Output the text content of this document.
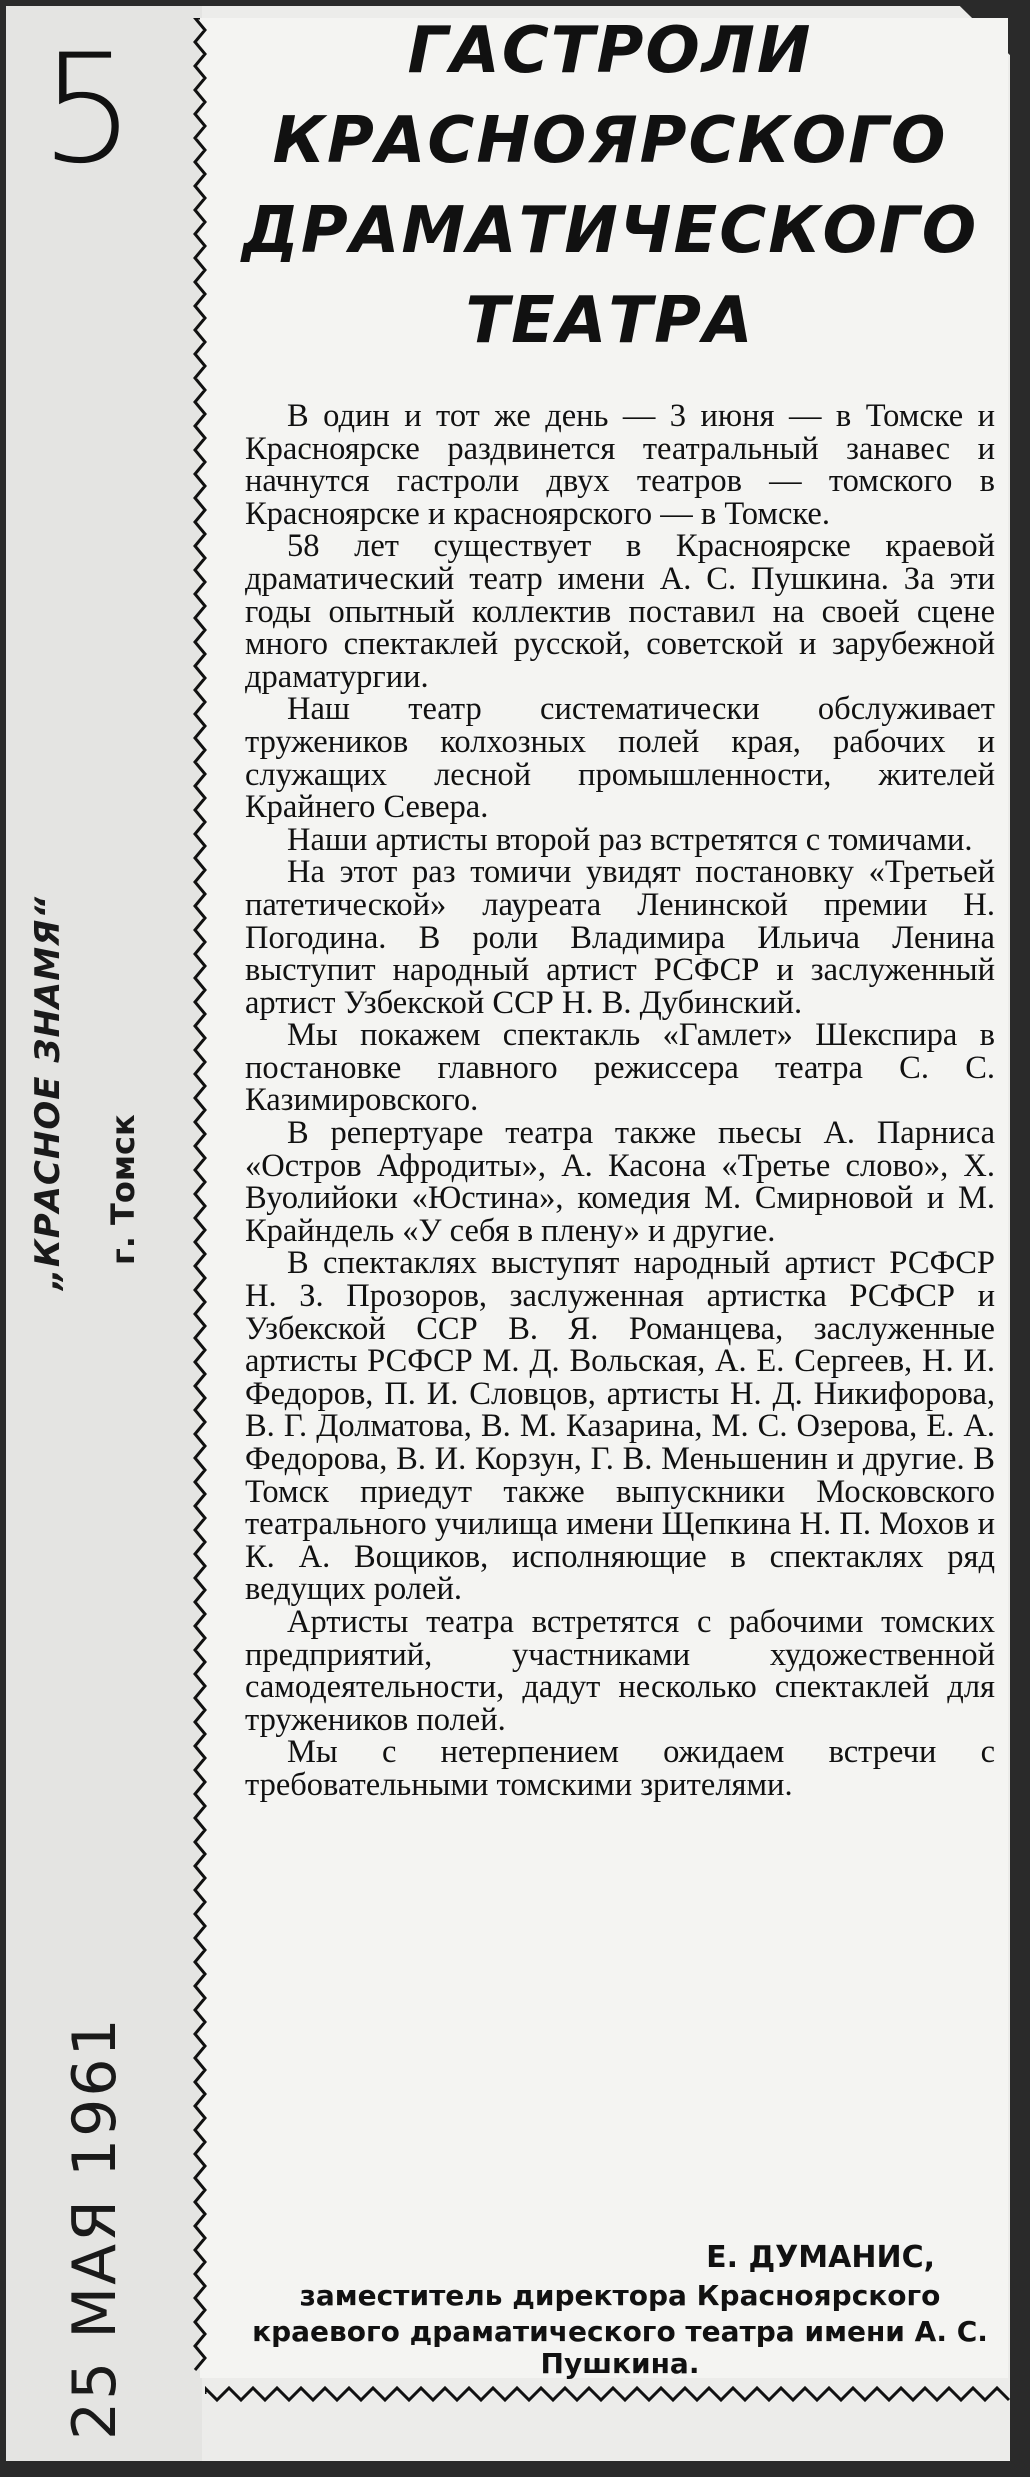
5
„КРАСНОЕ ЗНАМЯ“ г. Томск
25 МАЯ 1961
ГАСТРОЛИ
КРАСНОЯРСКОГО
ДРАМАТИЧЕСКОГО
ТЕАТРА

В один и тот же день — 3 июня — в Томске и Красноярске раздвинется театральный занавес и начнутся гастроли двух театров — томского в Красноярске и красноярского — в Томске.

58 лет существует в Красноярске краевой драматический театр имени А. С. Пушкина. За эти годы опытный коллектив поставил на своей сцене много спектаклей русской, советской и зарубежной драматургии.

Наш театр систематически обслуживает тружеников колхозных полей края, рабочих и служащих лесной промышленности, жителей Крайнего Севера.

Наши артисты второй раз встретятся с томичами.

На этот раз томичи увидят постановку «Третьей патетической» лауреата Ленинской премии Н. Погодина. В роли Владимира Ильича Ленина выступит народный артист РСФСР и заслуженный артист Узбекской ССР Н. В. Дубинский.

Мы покажем спектакль «Гамлет» Шекспира в постановке главного режиссера театра С. С. Казимировского.

В репертуаре театра также пьесы А. Парниса «Остров Афродиты», А. Касона «Третье слово», Х. Вуолийоки «Юстина», комедия М. Смирновой и М. Крайндель «У себя в плену» и другие.

В спектаклях выступят народный артист РСФСР Н. З. Прозоров, заслуженная артистка РСФСР и Узбекской ССР В. Я. Романцева, заслуженные артисты РСФСР М. Д. Вольская, А. Е. Сергеев, Н. И. Федоров, П. И. Словцов, артисты Н. Д. Никифорова, В. Г. Долматова, В. М. Казарина, М. С. Озерова, Е. А. Федорова, В. И. Корзун, Г. В. Меньшенин и другие. В Томск приедут также выпускники Московского театрального училища имени Щепкина Н. П. Мохов и К. А. Вощиков, исполняющие в спектаклях ряд ведущих ролей.

Артисты театра встретятся с рабочими томских предприятий, участниками художественной самодеятельности, дадут несколько спектаклей для тружеников полей.

Мы с нетерпением ожидаем встречи с требовательными томскими зрителями.

Е. ДУМАНИС,
заместитель директора Красноярского
краевого драматического театра имени А. С. Пушкина.
